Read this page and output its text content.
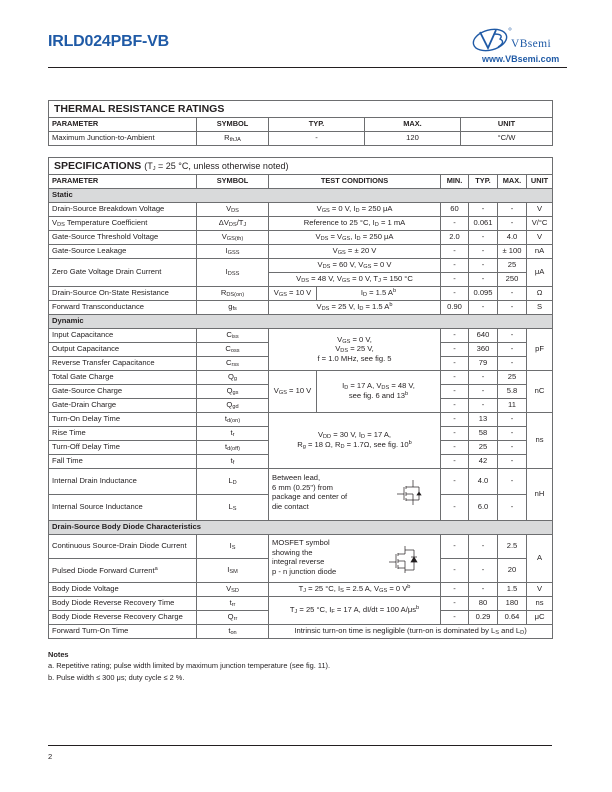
IRLD024PBF-VB	VBsemi
www.VBsemi.com
THERMAL RESISTANCE RATINGS				
PARAMETER	SYMBOL	TYP.	MAX.	UNIT
Maximum Junction-to-Ambient	RthJA	-	120	°C/W
SPECIFICATIONS (TJ = 25 °C, unless otherwise noted)							
PARAMETER	SYMBOL	TEST CONDITIONS		MIN.	TYP.	MAX.	UNIT
Static							
Drain-Source Breakdown Voltage	VDS	VGS = 0 V, ID = 250 μA		60	-	-	V
VDS Temperature Coefficient	ΔVDS/TJ	Reference to 25 °C, ID = 1 mA		-	0.061	-	V/°C
Gate-Source Threshold Voltage	VGS(th)	VDS = VGS, ID = 250 μA		2.0	-	4.0	V
Gate-Source Leakage	IGSS	VGS = ± 20 V		-	-	± 100	nA
Zero Gate Voltage Drain Current	IDSS	VDS = 60 V, VGS = 0 V		-	-	25	μA
		VDS = 48 V, VGS = 0 V, TJ = 150 °C		-	-	250	
Drain-Source On-State Resistance	RDS(on)	VGS = 10 V	ID = 1.5 $A^b$	-	0.095	-	Ω
Forward Transconductance	gfs	VDS = 25 V, ID = 1.5 $A^b$		0.90	-	-	S
Dynamic							
Input Capacitance	Ciss	VGS = 0 V,
VDS = 25 V,
f = 1.0 MHz, see fig. 5		-	640	-	pF
Output Capacitance	Coss			-	360	-	
Reverse Transfer Capacitance	Crss			-	79	-	
Total Gate Charge	Qg	VGS = 10 V	ID = 17 A, VDS = 48 V,
see fig. 6 and 13$^b$	-	-	25	nC
Gate-Source Charge	Qgs			-	-	5.8	
Gate-Drain Charge	Qgd			-	-	11	
Turn-On Delay Time	td(on)	VDD = 30 V, ID = 17 A,
Rg = 18 Ω, RD = 1.7Ω, see fig. 10$^b$		-	13	-	ns
Rise Time	tr			-	58	-	
Turn-Off Delay Time	td(off)			-	25	-	
Fall Time	tf			-	42	-	
Internal Drain Inductance	LD	Between lead,
6 mm (0.25") from
package and center of
die contact		-	4.0	-	nH
Internal Source Inductance	LS			-	6.0	-	
Drain-Source Body Diode Characteristics							
Continuous Source-Drain Diode Current	IS	MOSFET symbol
showing the
integral reverse
p - n junction diode		-	-	2.5	A
Pulsed Diode Forward Current$^a$	ISM			-	-	20	
Body Diode Voltage	VSD	TJ = 25 °C, IS = 2.5 A, VGS = 0 $V^b$		-	-	1.5	V
Body Diode Reverse Recovery Time	trr	TJ = 25 °C, IF = 17 A, dI/dt = 100 $A/\mu s^b$		-	80	180	ns
Body Diode Reverse Recovery Charge	Qrr			-	0.29	0.64	μC
Forward Turn-On Time	ton	Intrinsic turn-on time is negligible (turn-on is dominated by LS and LD)					
Notes
a. Repetitive rating; pulse width limited by maximum junction temperature (see fig. 11).
b. Pulse width ≤ 300 μs; duty cycle ≤ 2 %.
2
